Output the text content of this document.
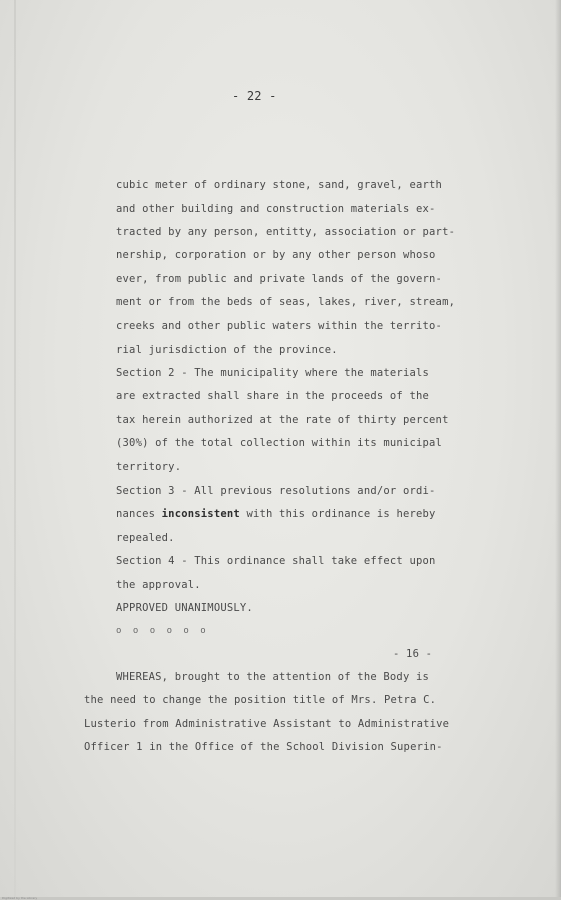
- 22 -
cubic meter of ordinary stone, sand, gravel, earth
and other building and construction materials ex-
tracted by any person, entitty, association or part-
nership, corporation or by any other person whoso
ever, from public and private lands of the govern-
ment or from the beds of seas, lakes, river, stream,
creeks and other public waters within the territo-
rial jurisdiction of the province.
Section 2 - The municipality where the materials
are extracted shall share in the proceeds of the
tax herein authorized at the rate of thirty percent
(30%) of the total collection within its municipal
territory.
Section 3 - All previous resolutions and/or ordi-
nances inconsistent with this ordinance is hereby
repealed.
Section 4 - This ordinance shall take effect upon
the approval.
APPROVED UNANIMOUSLY.
o  o  o  o  o  o
- 16 -
WHEREAS, brought to the attention of the Body is
the need to change the position title of Mrs. Petra C.
Lusterio from Administrative Assistant to Administrative
Officer 1 in the Office of the School Division Superin-
Digitized by the Library
